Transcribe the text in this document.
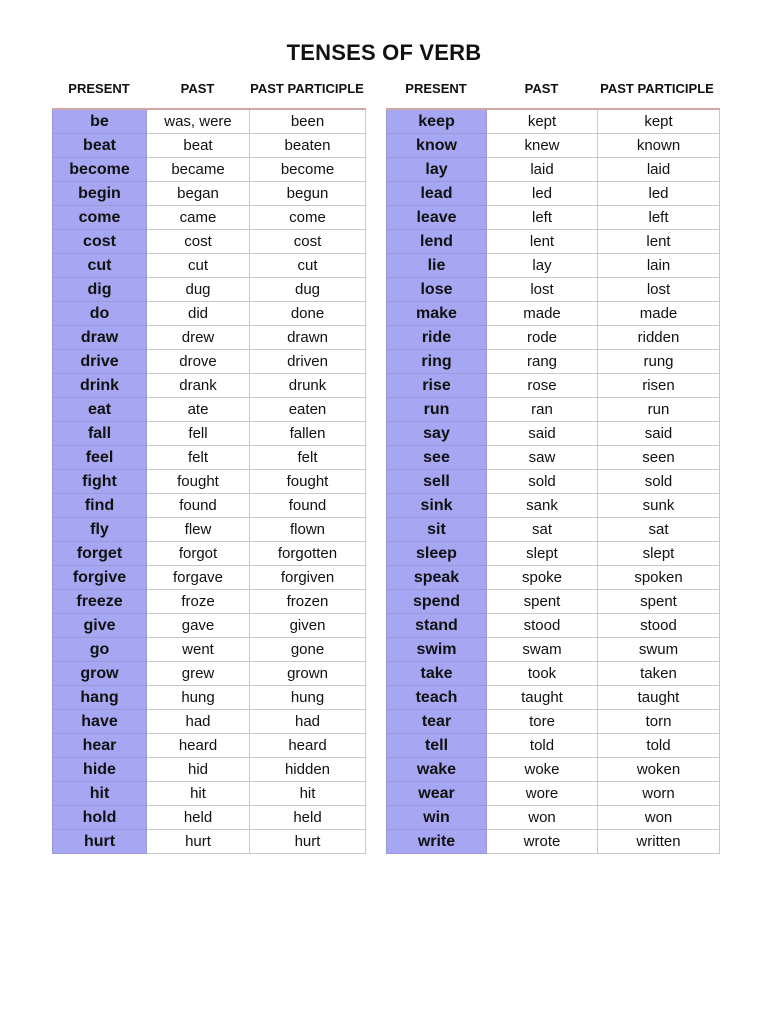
TENSES OF VERB
PRESENT	PAST	PAST PARTICIPLE	PRESENT	PAST	PAST PARTICIPLE
be	was, were	been
beat	beat	beaten
become	became	become
begin	began	begun
come	came	come
cost	cost	cost
cut	cut	cut
dig	dug	dug
do	did	done
draw	drew	drawn
drive	drove	driven
drink	drank	drunk
eat	ate	eaten
fall	fell	fallen
feel	felt	felt
fight	fought	fought
find	found	found
fly	flew	flown
forget	forgot	forgotten
forgive	forgave	forgiven
freeze	froze	frozen
give	gave	given
go	went	gone
grow	grew	grown
hang	hung	hung
have	had	had
hear	heard	heard
hide	hid	hidden
hit	hit	hit
hold	held	held
hurt	hurt	hurt
keep	kept	kept
know	knew	known
lay	laid	laid
lead	led	led
leave	left	left
lend	lent	lent
lie	lay	lain
lose	lost	lost
make	made	made
ride	rode	ridden
ring	rang	rung
rise	rose	risen
run	ran	run
say	said	said
see	saw	seen
sell	sold	sold
sink	sank	sunk
sit	sat	sat
sleep	slept	slept
speak	spoke	spoken
spend	spent	spent
stand	stood	stood
swim	swam	swum
take	took	taken
teach	taught	taught
tear	tore	torn
tell	told	told
wake	woke	woken
wear	wore	worn
win	won	won
write	wrote	written
